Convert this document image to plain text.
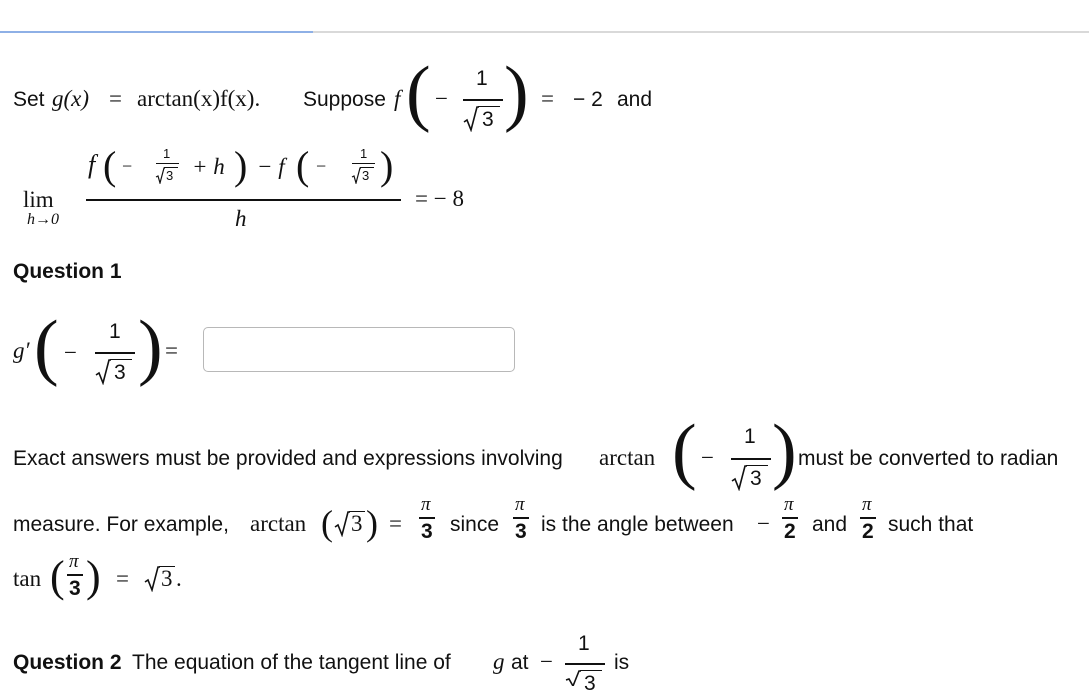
Set g(x) = arctan(x)f(x). Suppose f ( −
1
3 ) = − 2 and
lim
h→0
f ( −
1
3 + h ) − f ( −
1
3 )
h
= − 8
Question 1
g′ ( −
1
3 ) =
Exact answers must be provided and expressions involving arctan ( −
1
3 ) must be converted to radian
measure. For example, arctan ( 3 ) =
π
3 since
π
3 is the angle between −
π
2 and
π
2 such that
tan ( π
3 ) = 3 .
Question 2 The equation of the tangent line of g at −
1
3
is
